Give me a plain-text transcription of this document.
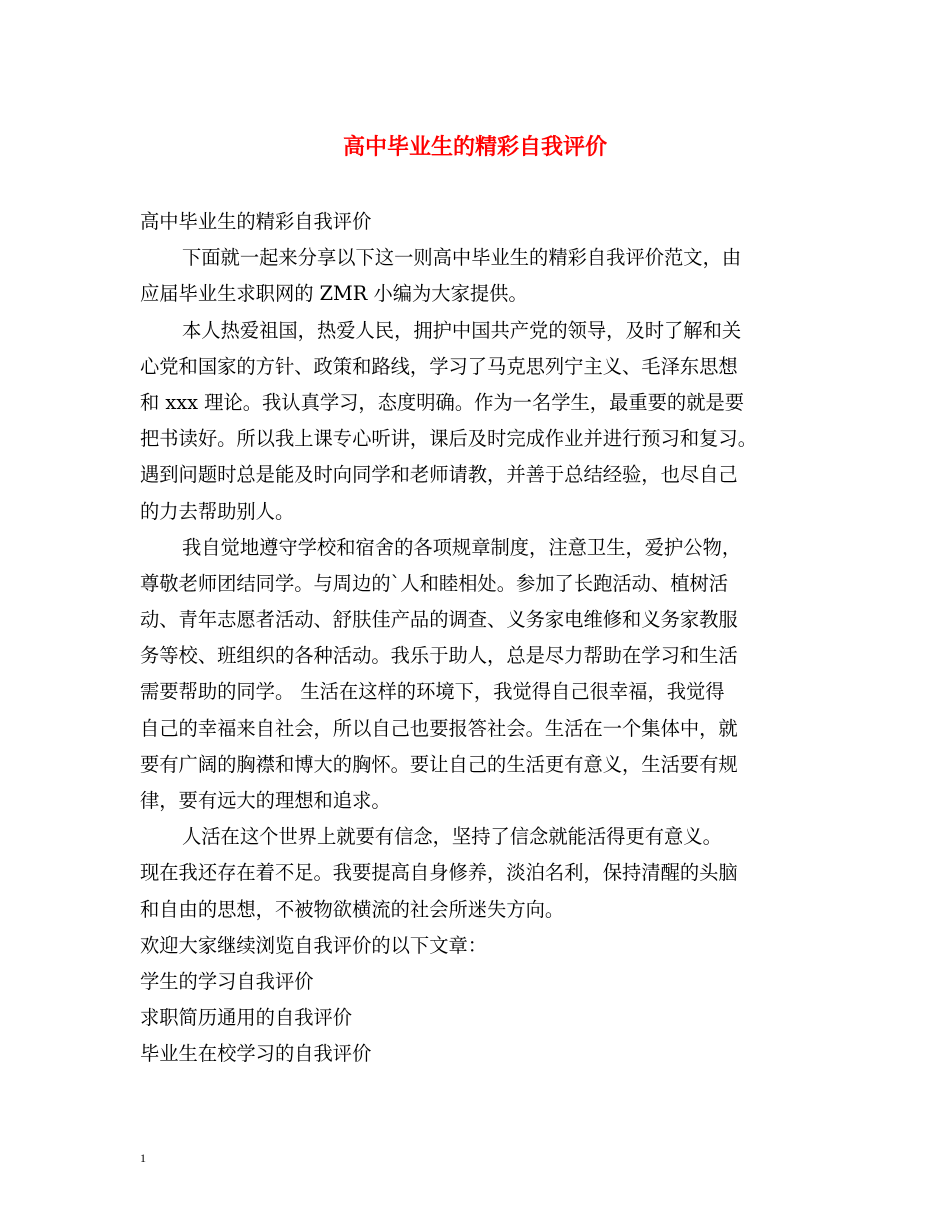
高中毕业生的精彩自我评价
高中毕业生的精彩自我评价
下面就一起来分享以下这一则高中毕业生的精彩自我评价范文，由
应届毕业生求职网的 ZMR 小编为大家提供。
本人热爱祖国，热爱人民，拥护中国共产党的领导，及时了解和关
心党和国家的方针、政策和路线，学习了马克思列宁主义、毛泽东思想
和 xxx 理论。我认真学习，态度明确。作为一名学生，最重要的就是要
把书读好。所以我上课专心听讲，课后及时完成作业并进行预习和复习。
遇到问题时总是能及时向同学和老师请教，并善于总结经验，也尽自己
的力去帮助别人。
我自觉地遵守学校和宿舍的各项规章制度，注意卫生，爱护公物，
尊敬老师团结同学。与周边的`人和睦相处。参加了长跑活动、植树活
动、青年志愿者活动、舒肤佳产品的调查、义务家电维修和义务家教服
务等校、班组织的各种活动。我乐于助人，总是尽力帮助在学习和生活
需要帮助的同学。 生活在这样的环境下，我觉得自己很幸福，我觉得
自己的幸福来自社会，所以自己也要报答社会。生活在一个集体中，就
要有广阔的胸襟和博大的胸怀。要让自己的生活更有意义，生活要有规
律，要有远大的理想和追求。
人活在这个世界上就要有信念，坚持了信念就能活得更有意义。
现在我还存在着不足。我要提高自身修养，淡泊名利，保持清醒的头脑
和自由的思想，不被物欲横流的社会所迷失方向。
欢迎大家继续浏览自我评价的以下文章：
学生的学习自我评价
求职简历通用的自我评价
毕业生在校学习的自我评价
1
